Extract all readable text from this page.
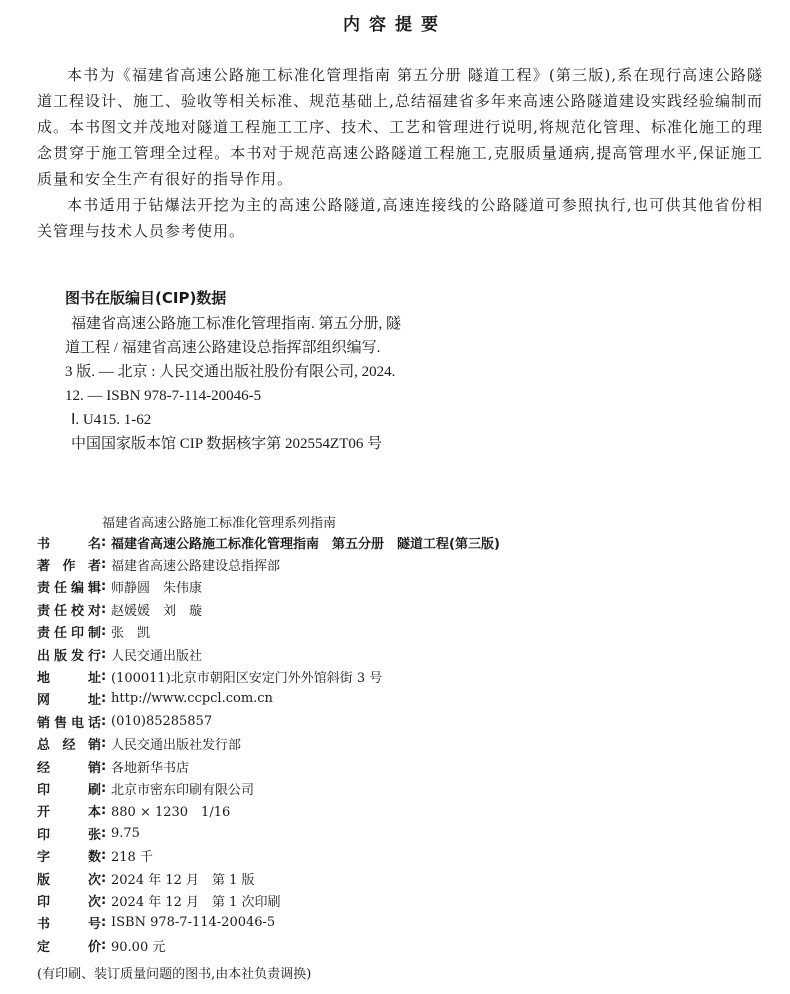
内容提要

本书为《福建省高速公路施工标准化管理指南 第五分册 隧道工程》(第三版),系在现行高速公路隧道工程设计、施工、验收等相关标准、规范基础上,总结福建省多年来高速公路隧道建设实践经验编制而成。本书图文并茂地对隧道工程施工工序、技术、工艺和管理进行说明,将规范化管理、标准化施工的理念贯穿于施工管理全过程。本书对于规范高速公路隧道工程施工,克服质量通病,提高管理水平,保证施工质量和安全生产有很好的指导作用。

本书适用于钻爆法开挖为主的高速公路隧道,高速连接线的公路隧道可参照执行,也可供其他省份相关管理与技术人员参考使用。

图书在版编目(CIP)数据
福建省高速公路施工标准化管理指南. 第五分册, 隧
道工程 / 福建省高速公路建设总指挥部组织编写.
3 版. — 北京 : 人民交通出版社股份有限公司, 2024.
12. — ISBN 978-7-114-20046-5
Ⅰ. U415. 1-62
中国国家版本馆 CIP 数据核字第 202554ZT06 号
福建省高速公路施工标准化管理系列指南
书	名 : 福建省高速公路施工标准化管理指南　第五分册　隧道工程(第三版)
著 作 者 : 福建省高速公路建设总指挥部
责 任 编 辑 : 师静圆　朱伟康
责 任 校 对 : 赵媛媛　刘　璇
责 任 印 制 : 张　凯
出 版 发 行 : 人民交通出版社
地	址 : (100011)北京市朝阳区安定门外外馆斜街 3 号
网	址 : http://www.ccpcl.com.cn
销 售 电 话 : (010)85285857
总 经 销 : 人民交通出版社发行部
经	销 : 各地新华书店
印	刷 : 北京市密东印刷有限公司
开	本 : 880 × 1230　1/16
印	张 : 9.75
字	数 : 218 千
版	次 : 2024 年 12 月　第 1 版
印	次 : 2024 年 12 月　第 1 次印刷
书	号 : ISBN 978-7-114-20046-5
定	价 : 90.00 元
(有印刷、装订质量问题的图书,由本社负责调换)
